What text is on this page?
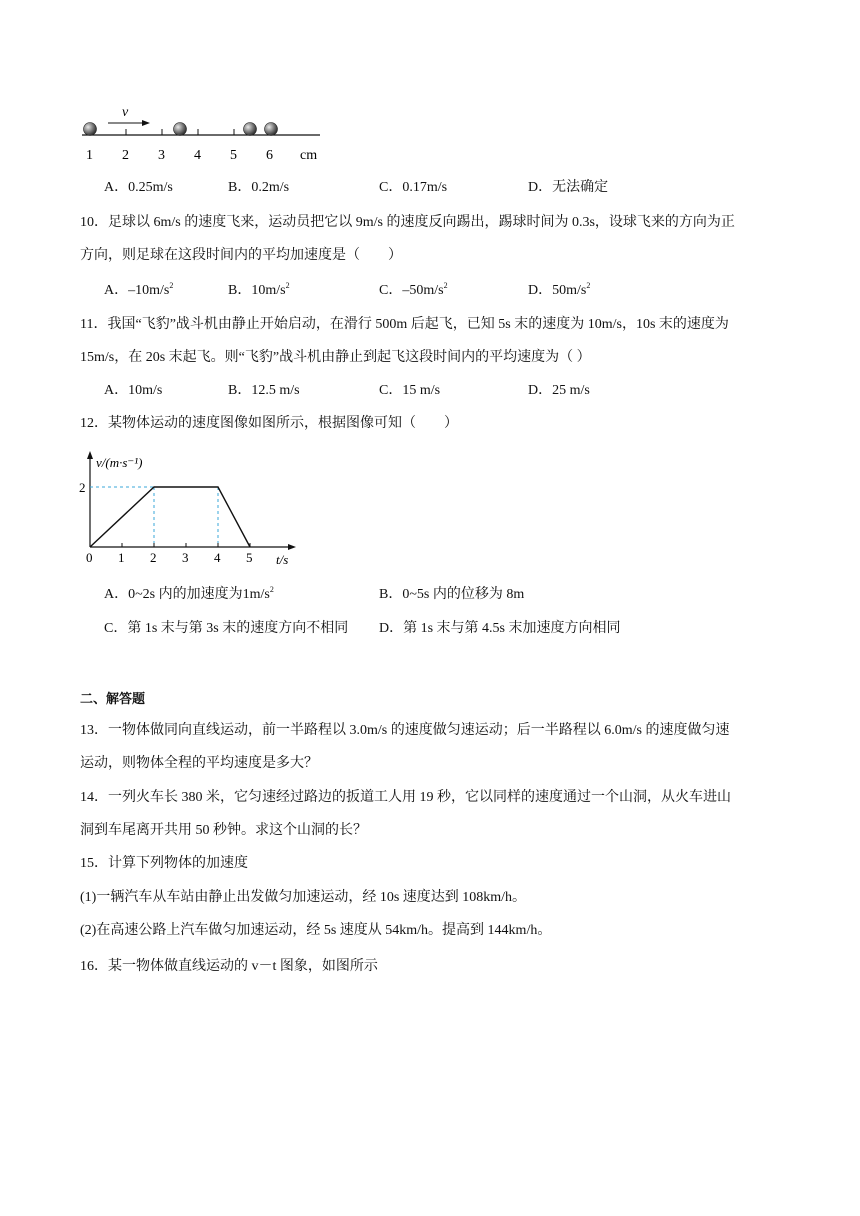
v
1 2 3 4 5 6 cm
A．0.25m/s	B．0.2m/s	C．0.17m/s	D．无法确定
10．足球以 6m/s 的速度飞来，运动员把它以 9m/s 的速度反向踢出，踢球时间为 0.3s，设球飞来的方向为正
方向，则足球在这段时间内的平均加速度是（　　）
A．$-10m/s^2$	B．$10m/s^2$	C．$-50m/s^2$	D．$50m/s^2$
11．我国“飞豹”战斗机由静止开始启动，在滑行 500m 后起飞，已知 5s 末的速度为 10m/s，10s 末的速度为
15m/s，在 20s 末起飞。则“飞豹”战斗机由静止到起飞这段时间内的平均速度为（ ）
A．10m/s	B．12.5 m/s	C．15 m/s	D．25 m/s
12．某物体运动的速度图像如图所示，根据图像可知（　　）
v/(m·s⁻¹)
t/s
0 1 2 3 4 5
2
A．0~2s 内的加速度为$1m/s^2$	B．0~5s 内的位移为 8m
C．第 1s 末与第 3s 末的速度方向不相同 D．第 1s 末与第 4.5s 末加速度方向相同
二、解答题
13．一物体做同向直线运动，前一半路程以 3.0m/s 的速度做匀速运动；后一半路程以 6.0m/s 的速度做匀速
运动，则物体全程的平均速度是多大？
14．一列火车长 380 米，它匀速经过路边的扳道工人用 19 秒，它以同样的速度通过一个山洞，从火车进山
洞到车尾离开共用 50 秒钟。求这个山洞的长？
15．计算下列物体的加速度
(1)一辆汽车从车站由静止出发做匀加速运动，经 10s 速度达到 108km/h。
(2)在高速公路上汽车做匀加速运动，经 5s 速度从 54km/h。提高到 144km/h。
16．某一物体做直线运动的 v－t 图象，如图所示
